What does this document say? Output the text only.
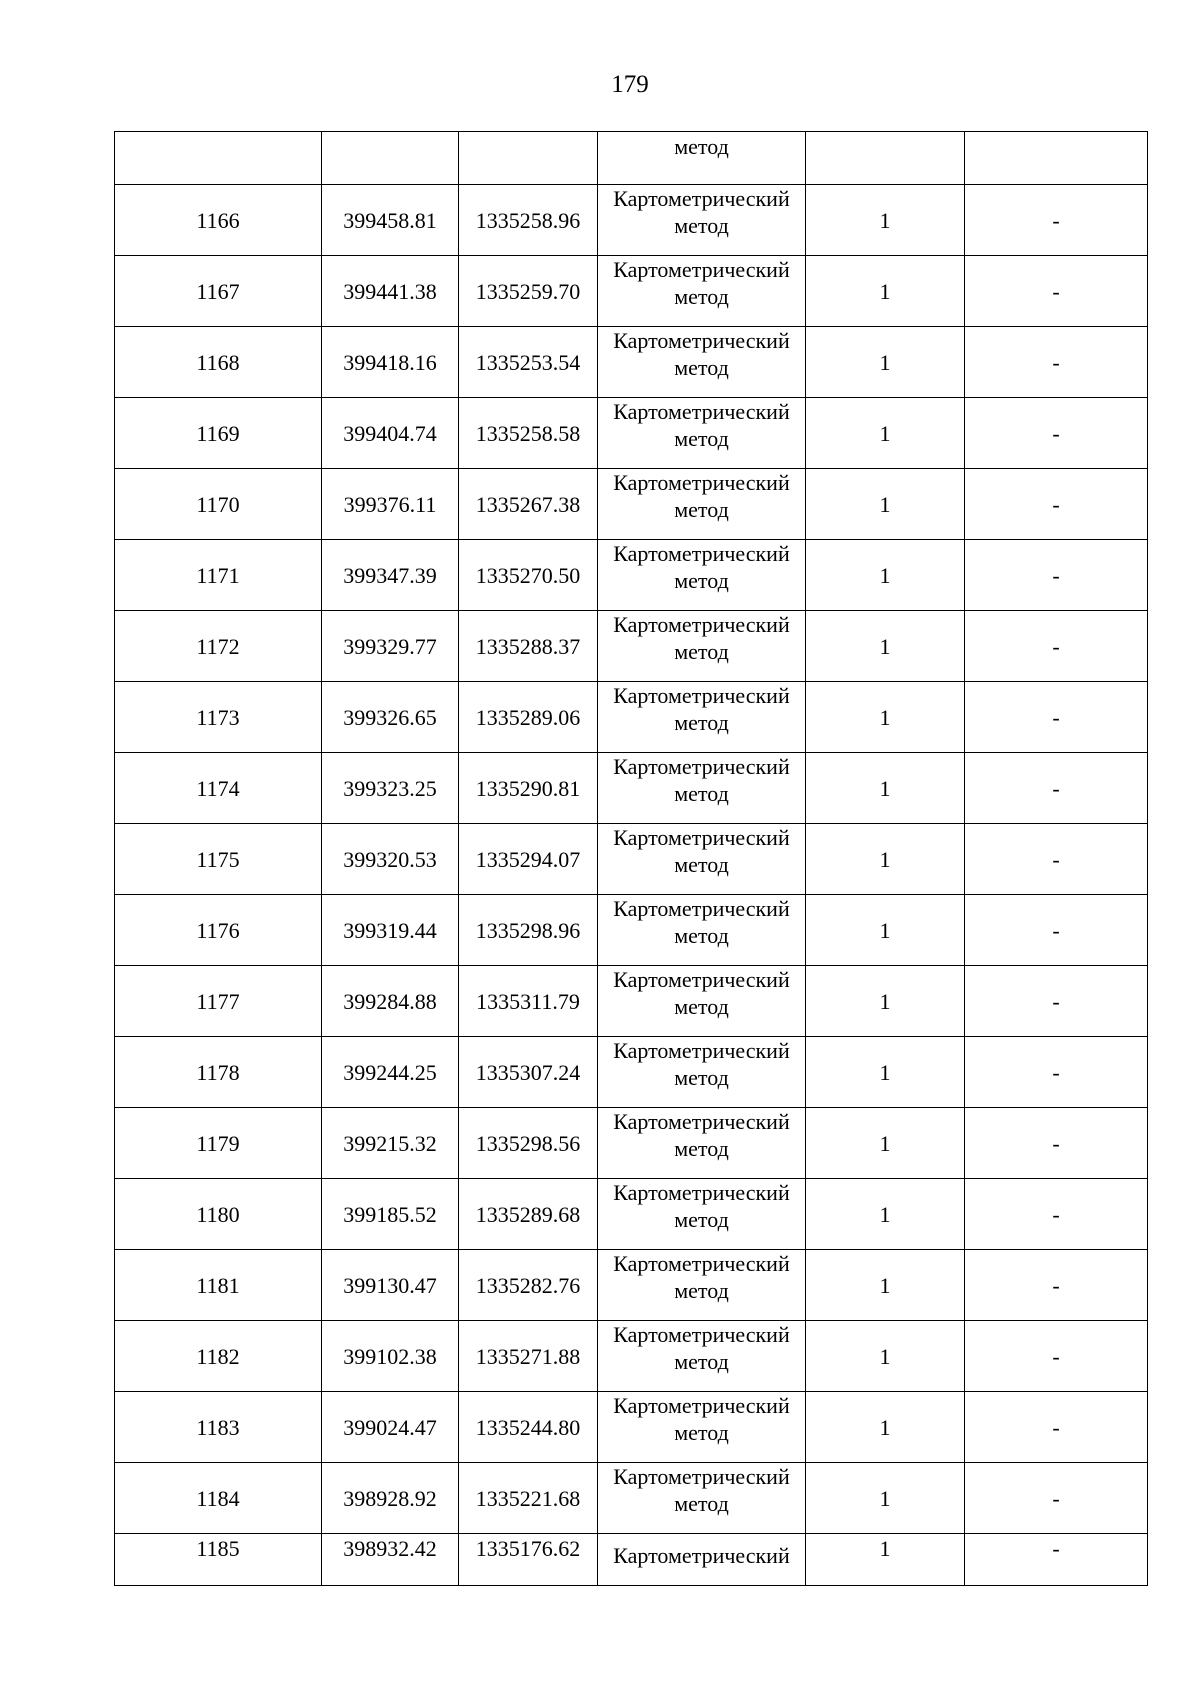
179
			метод		
1166	399458.81	1335258.96	Картометрический
метод	1	-
1167	399441.38	1335259.70	Картометрический
метод	1	-
1168	399418.16	1335253.54	Картометрический
метод	1	-
1169	399404.74	1335258.58	Картометрический
метод	1	-
1170	399376.11	1335267.38	Картометрический
метод	1	-
1171	399347.39	1335270.50	Картометрический
метод	1	-
1172	399329.77	1335288.37	Картометрический
метод	1	-
1173	399326.65	1335289.06	Картометрический
метод	1	-
1174	399323.25	1335290.81	Картометрический
метод	1	-
1175	399320.53	1335294.07	Картометрический
метод	1	-
1176	399319.44	1335298.96	Картометрический
метод	1	-
1177	399284.88	1335311.79	Картометрический
метод	1	-
1178	399244.25	1335307.24	Картометрический
метод	1	-
1179	399215.32	1335298.56	Картометрический
метод	1	-
1180	399185.52	1335289.68	Картометрический
метод	1	-
1181	399130.47	1335282.76	Картометрический
метод	1	-
1182	399102.38	1335271.88	Картометрический
метод	1	-
1183	399024.47	1335244.80	Картометрический
метод	1	-
1184	398928.92	1335221.68	Картометрический
метод	1	-
1185	398932.42	1335176.62	Картометрический	1	-
